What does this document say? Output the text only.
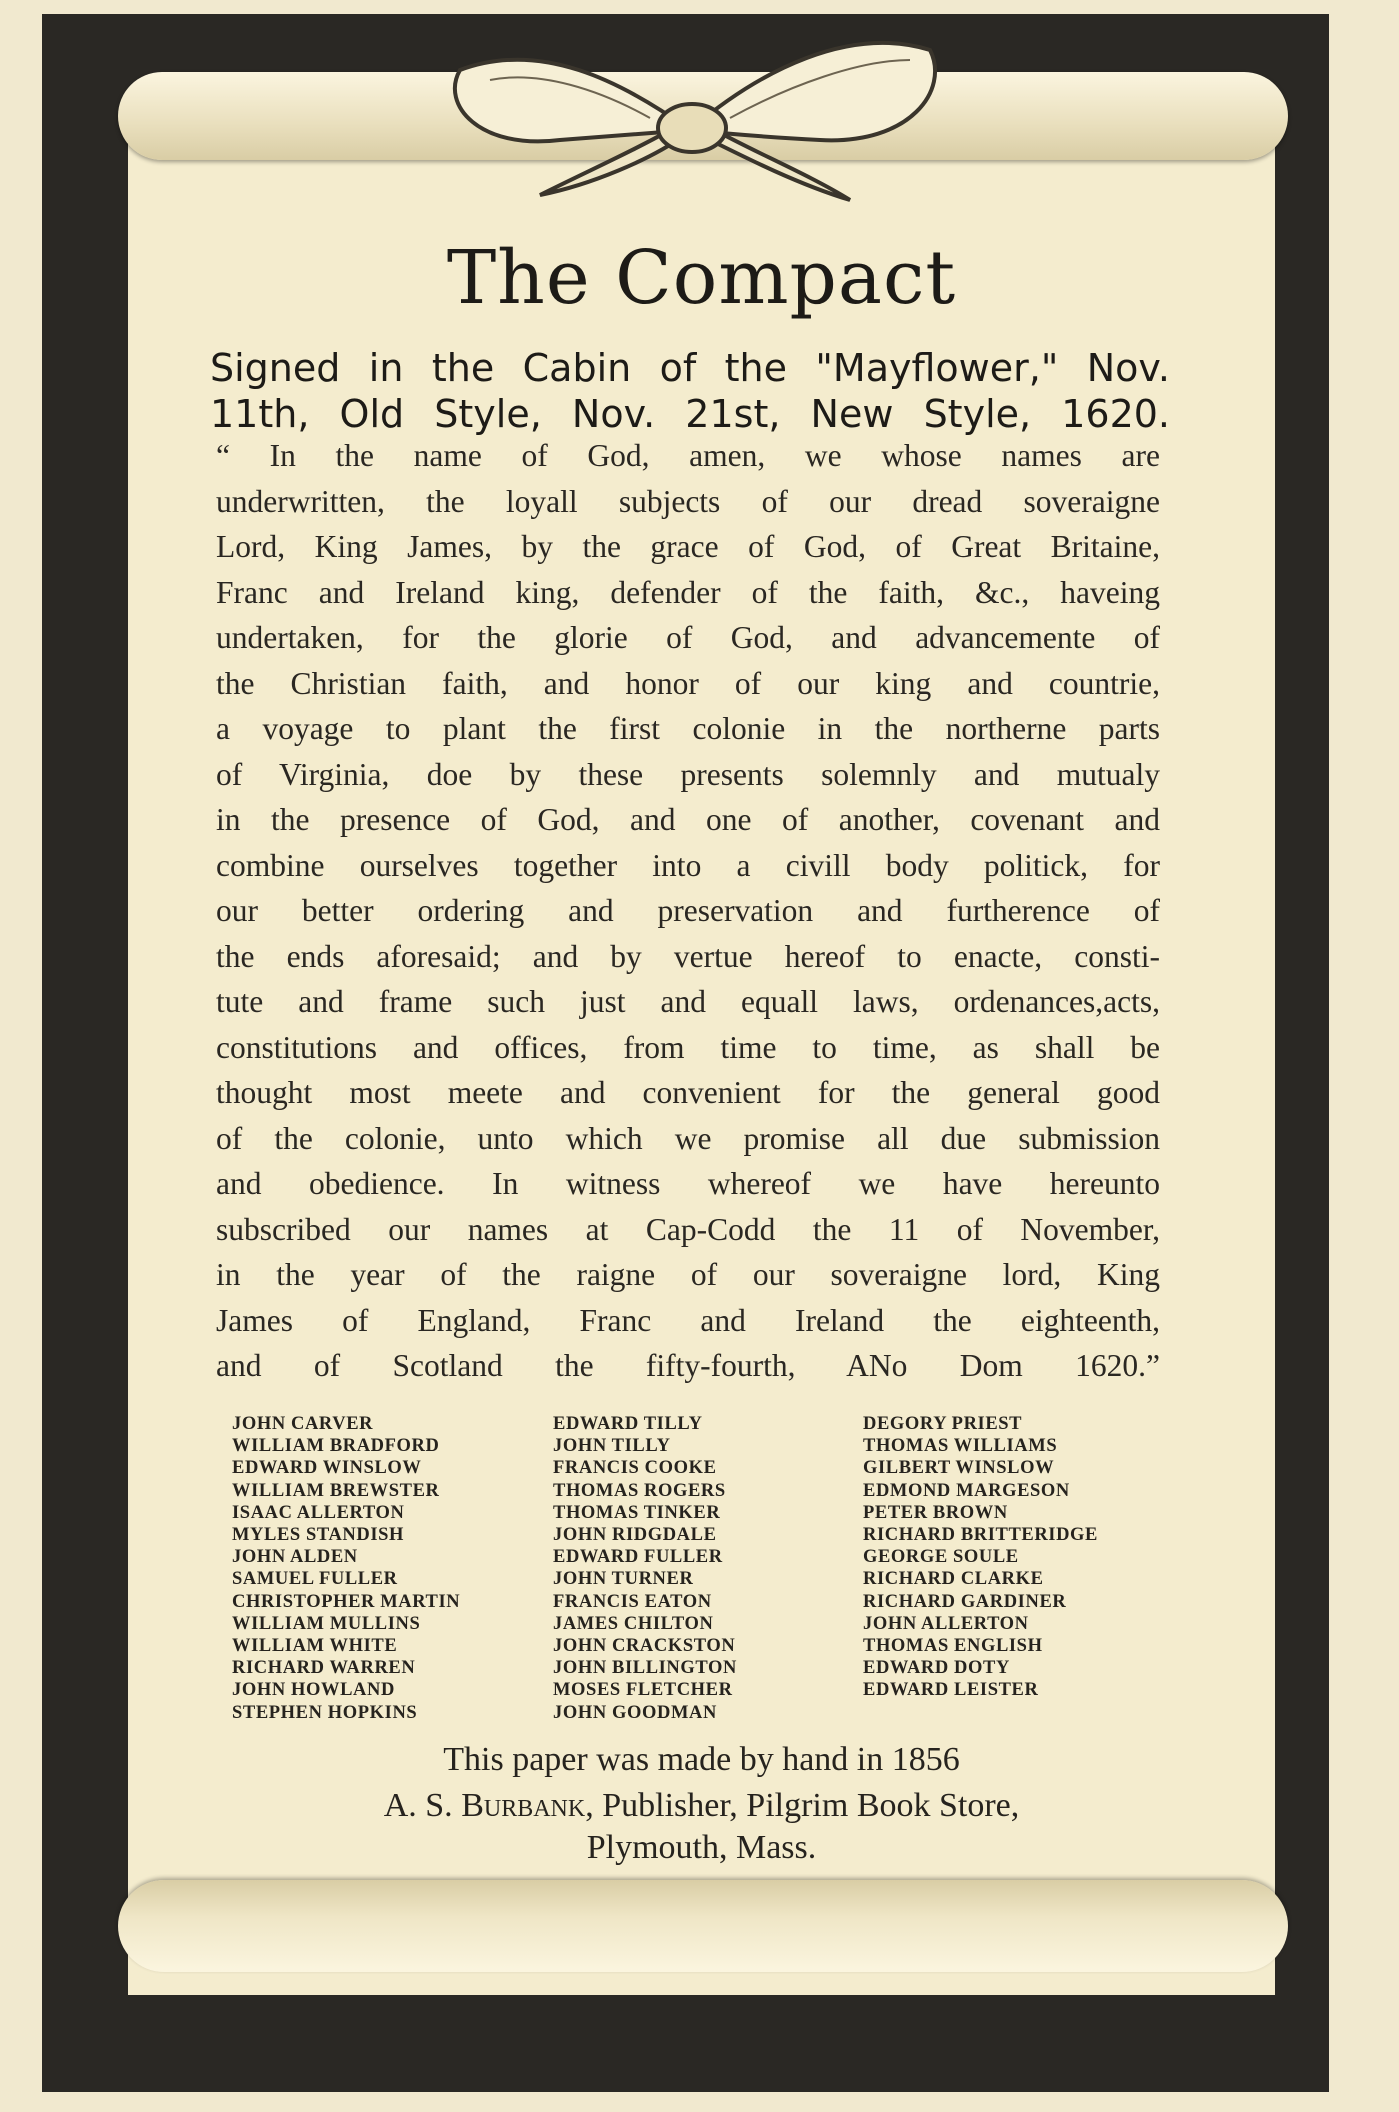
The Compact
Signed in the Cabin of the "Mayflower," Nov.
11th, Old Style, Nov. 21st, New Style, 1620.
“ In the name of God, amen, we whose names are
underwritten, the loyall subjects of our dread soveraigne
Lord, King James, by the grace of God, of Great Britaine,
Franc and Ireland king, defender of the faith, &c., haveing
undertaken, for the glorie of God, and advancemente of
the Christian faith, and honor of our king and countrie,
a voyage to plant the first colonie in the northerne parts
of Virginia, doe by these presents solemnly and mutualy
in the presence of God, and one of another, covenant and
combine ourselves together into a civill body politick, for
our better ordering and preservation and furtherence of
the ends aforesaid; and by vertue hereof to enacte, consti-
tute and frame such just and equall laws, ordenances,acts,
constitutions and offices, from time to time, as shall be
thought most meete and convenient for the general good
of the colonie, unto which we promise all due submission
and obedience. In witness whereof we have hereunto
subscribed our names at Cap-Codd the 11 of November,
in the year of the raigne of our soveraigne lord, King
James of England, Franc and Ireland the eighteenth,
and of Scotland the fifty-fourth, ANo Dom 1620.”
JOHN CARVER
WILLIAM BRADFORD
EDWARD WINSLOW
WILLIAM BREWSTER
ISAAC ALLERTON
MYLES STANDISH
JOHN ALDEN
SAMUEL FULLER
CHRISTOPHER MARTIN
WILLIAM MULLINS
WILLIAM WHITE
RICHARD WARREN
JOHN HOWLAND
STEPHEN HOPKINS
EDWARD TILLY
JOHN TILLY
FRANCIS COOKE
THOMAS ROGERS
THOMAS TINKER
JOHN RIDGDALE
EDWARD FULLER
JOHN TURNER
FRANCIS EATON
JAMES CHILTON
JOHN CRACKSTON
JOHN BILLINGTON
MOSES FLETCHER
JOHN GOODMAN
DEGORY PRIEST
THOMAS WILLIAMS
GILBERT WINSLOW
EDMOND MARGESON
PETER BROWN
RICHARD BRITTERIDGE
GEORGE SOULE
RICHARD CLARKE
RICHARD GARDINER
JOHN ALLERTON
THOMAS ENGLISH
EDWARD DOTY
EDWARD LEISTER
This paper was made by hand in 1856
A. S. Burbank, Publisher, Pilgrim Book Store,
Plymouth, Mass.
